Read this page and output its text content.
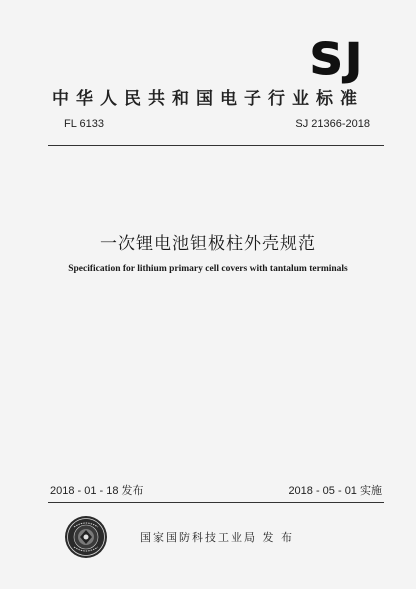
SJ
中华人民共和国电子行业标准
FL 6133	SJ 21366-2018
一次锂电池钽极柱外壳规范
Specification for lithium primary cell covers with tantalum terminals
2018 - 01 - 18 发布	2018 - 05 - 01 实施
国家国防科技工业局 发 布
